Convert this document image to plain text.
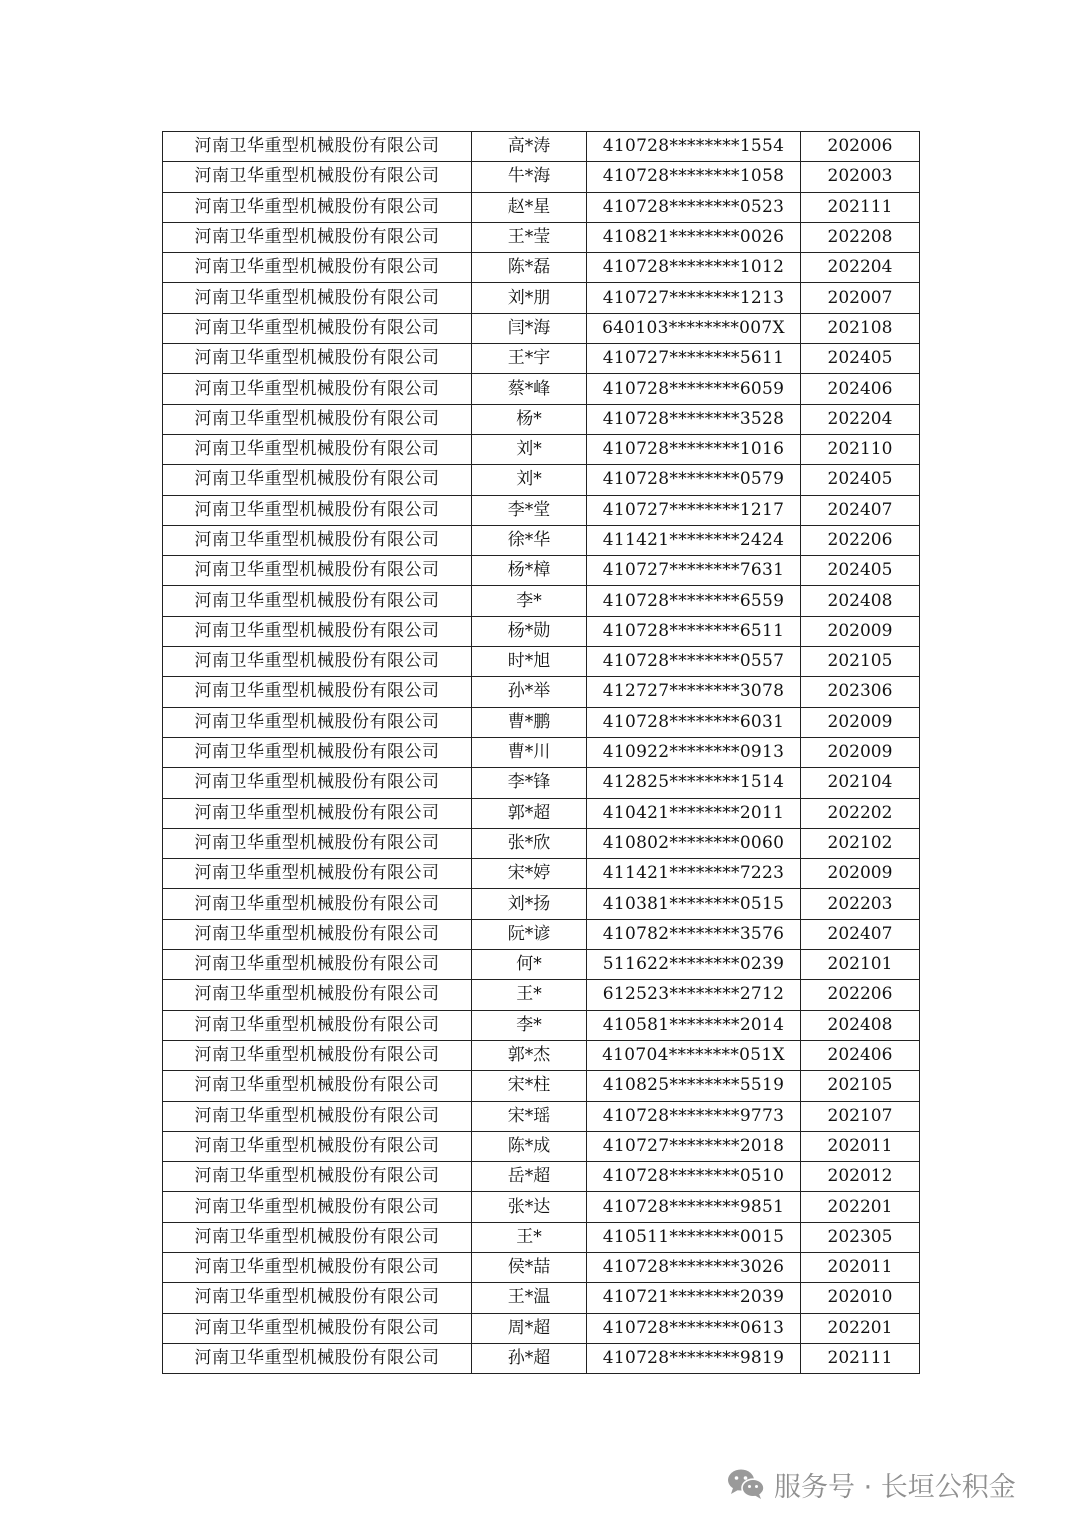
河南卫华重型机械股份有限公司	高*涛	410728********1554	202006
河南卫华重型机械股份有限公司	牛*海	410728********1058	202003
河南卫华重型机械股份有限公司	赵*星	410728********0523	202111
河南卫华重型机械股份有限公司	王*莹	410821********0026	202208
河南卫华重型机械股份有限公司	陈*磊	410728********1012	202204
河南卫华重型机械股份有限公司	刘*朋	410727********1213	202007
河南卫华重型机械股份有限公司	闫*海	640103********007X	202108
河南卫华重型机械股份有限公司	王*宇	410727********5611	202405
河南卫华重型机械股份有限公司	蔡*峰	410728********6059	202406
河南卫华重型机械股份有限公司	杨*	410728********3528	202204
河南卫华重型机械股份有限公司	刘*	410728********1016	202110
河南卫华重型机械股份有限公司	刘*	410728********0579	202405
河南卫华重型机械股份有限公司	李*堂	410727********1217	202407
河南卫华重型机械股份有限公司	徐*华	411421********2424	202206
河南卫华重型机械股份有限公司	杨*樟	410727********7631	202405
河南卫华重型机械股份有限公司	李*	410728********6559	202408
河南卫华重型机械股份有限公司	杨*勋	410728********6511	202009
河南卫华重型机械股份有限公司	时*旭	410728********0557	202105
河南卫华重型机械股份有限公司	孙*举	412727********3078	202306
河南卫华重型机械股份有限公司	曹*鹏	410728********6031	202009
河南卫华重型机械股份有限公司	曹*川	410922********0913	202009
河南卫华重型机械股份有限公司	李*锋	412825********1514	202104
河南卫华重型机械股份有限公司	郭*超	410421********2011	202202
河南卫华重型机械股份有限公司	张*欣	410802********0060	202102
河南卫华重型机械股份有限公司	宋*婷	411421********7223	202009
河南卫华重型机械股份有限公司	刘*扬	410381********0515	202203
河南卫华重型机械股份有限公司	阮*谚	410782********3576	202407
河南卫华重型机械股份有限公司	何*	511622********0239	202101
河南卫华重型机械股份有限公司	王*	612523********2712	202206
河南卫华重型机械股份有限公司	李*	410581********2014	202408
河南卫华重型机械股份有限公司	郭*杰	410704********051X	202406
河南卫华重型机械股份有限公司	宋*柱	410825********5519	202105
河南卫华重型机械股份有限公司	宋*瑶	410728********9773	202107
河南卫华重型机械股份有限公司	陈*成	410727********2018	202011
河南卫华重型机械股份有限公司	岳*超	410728********0510	202012
河南卫华重型机械股份有限公司	张*达	410728********9851	202201
河南卫华重型机械股份有限公司	王*	410511********0015	202305
河南卫华重型机械股份有限公司	侯*喆	410728********3026	202011
河南卫华重型机械股份有限公司	王*温	410721********2039	202010
河南卫华重型机械股份有限公司	周*超	410728********0613	202201
河南卫华重型机械股份有限公司	孙*超	410728********9819	202111
服务号 · 长垣公积金
